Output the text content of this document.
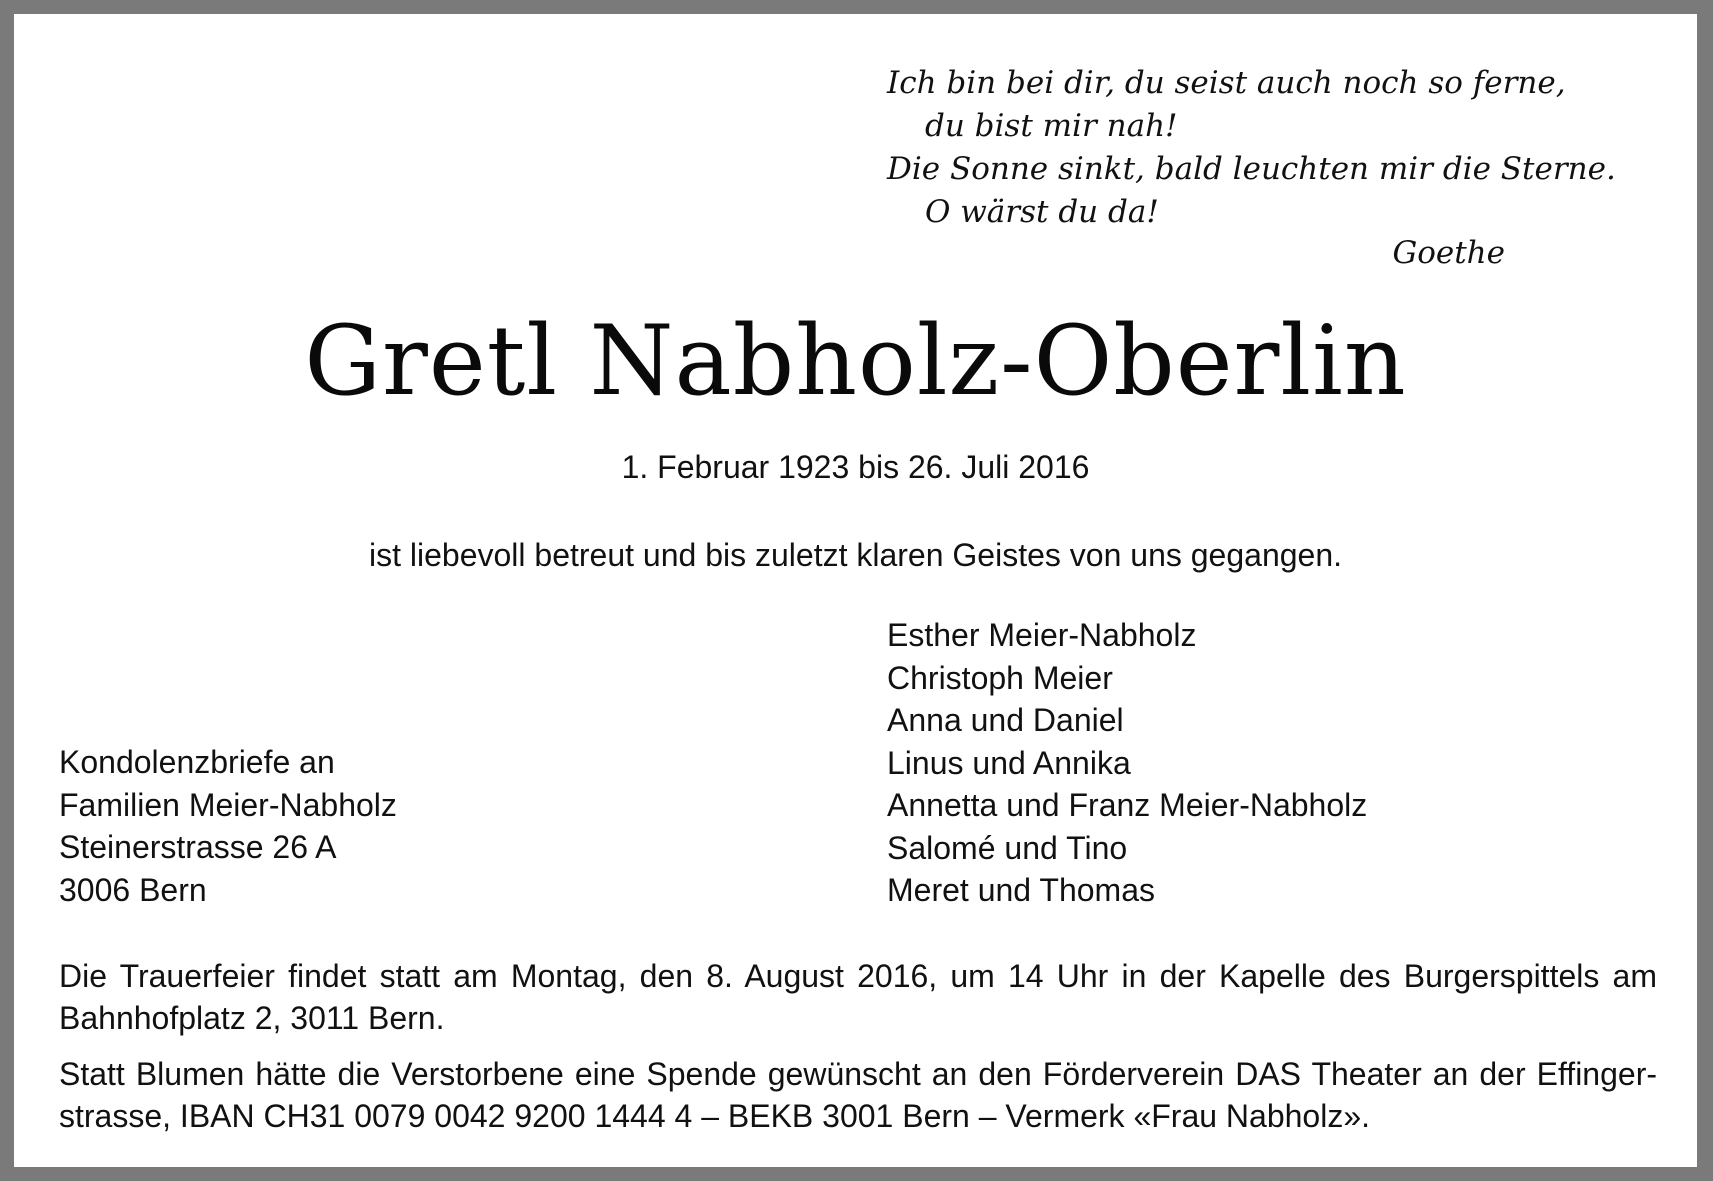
Ich bin bei dir, du seist auch noch so ferne,
du bist mir nah!
Die Sonne sinkt, bald leuchten mir die Sterne.
O wärst du da!
Goethe
Gretl Nabholz-Oberlin
1. Februar 1923 bis 26. Juli 2016
ist liebevoll betreut und bis zuletzt klaren Geistes von uns gegangen.
Esther Meier-Nabholz
Christoph Meier
Anna und Daniel
Linus und Annika
Annetta und Franz Meier-Nabholz
Salomé und Tino
Meret und Thomas
Kondolenzbriefe an
Familien Meier-Nabholz
Steinerstrasse 26 A
3006 Bern
Die Trauerfeier findet statt am Montag, den 8. August 2016, um 14 Uhr in der Kapelle des Burgerspittels am Bahnhofplatz 2, 3011 Bern.
Statt Blumen hätte die Verstorbene eine Spende gewünscht an den Förderverein DAS Theater an der Effinger- strasse, IBAN CH31 0079 0042 9200 1444 4 – BEKB 3001 Bern – Vermerk «Frau Nabholz».
